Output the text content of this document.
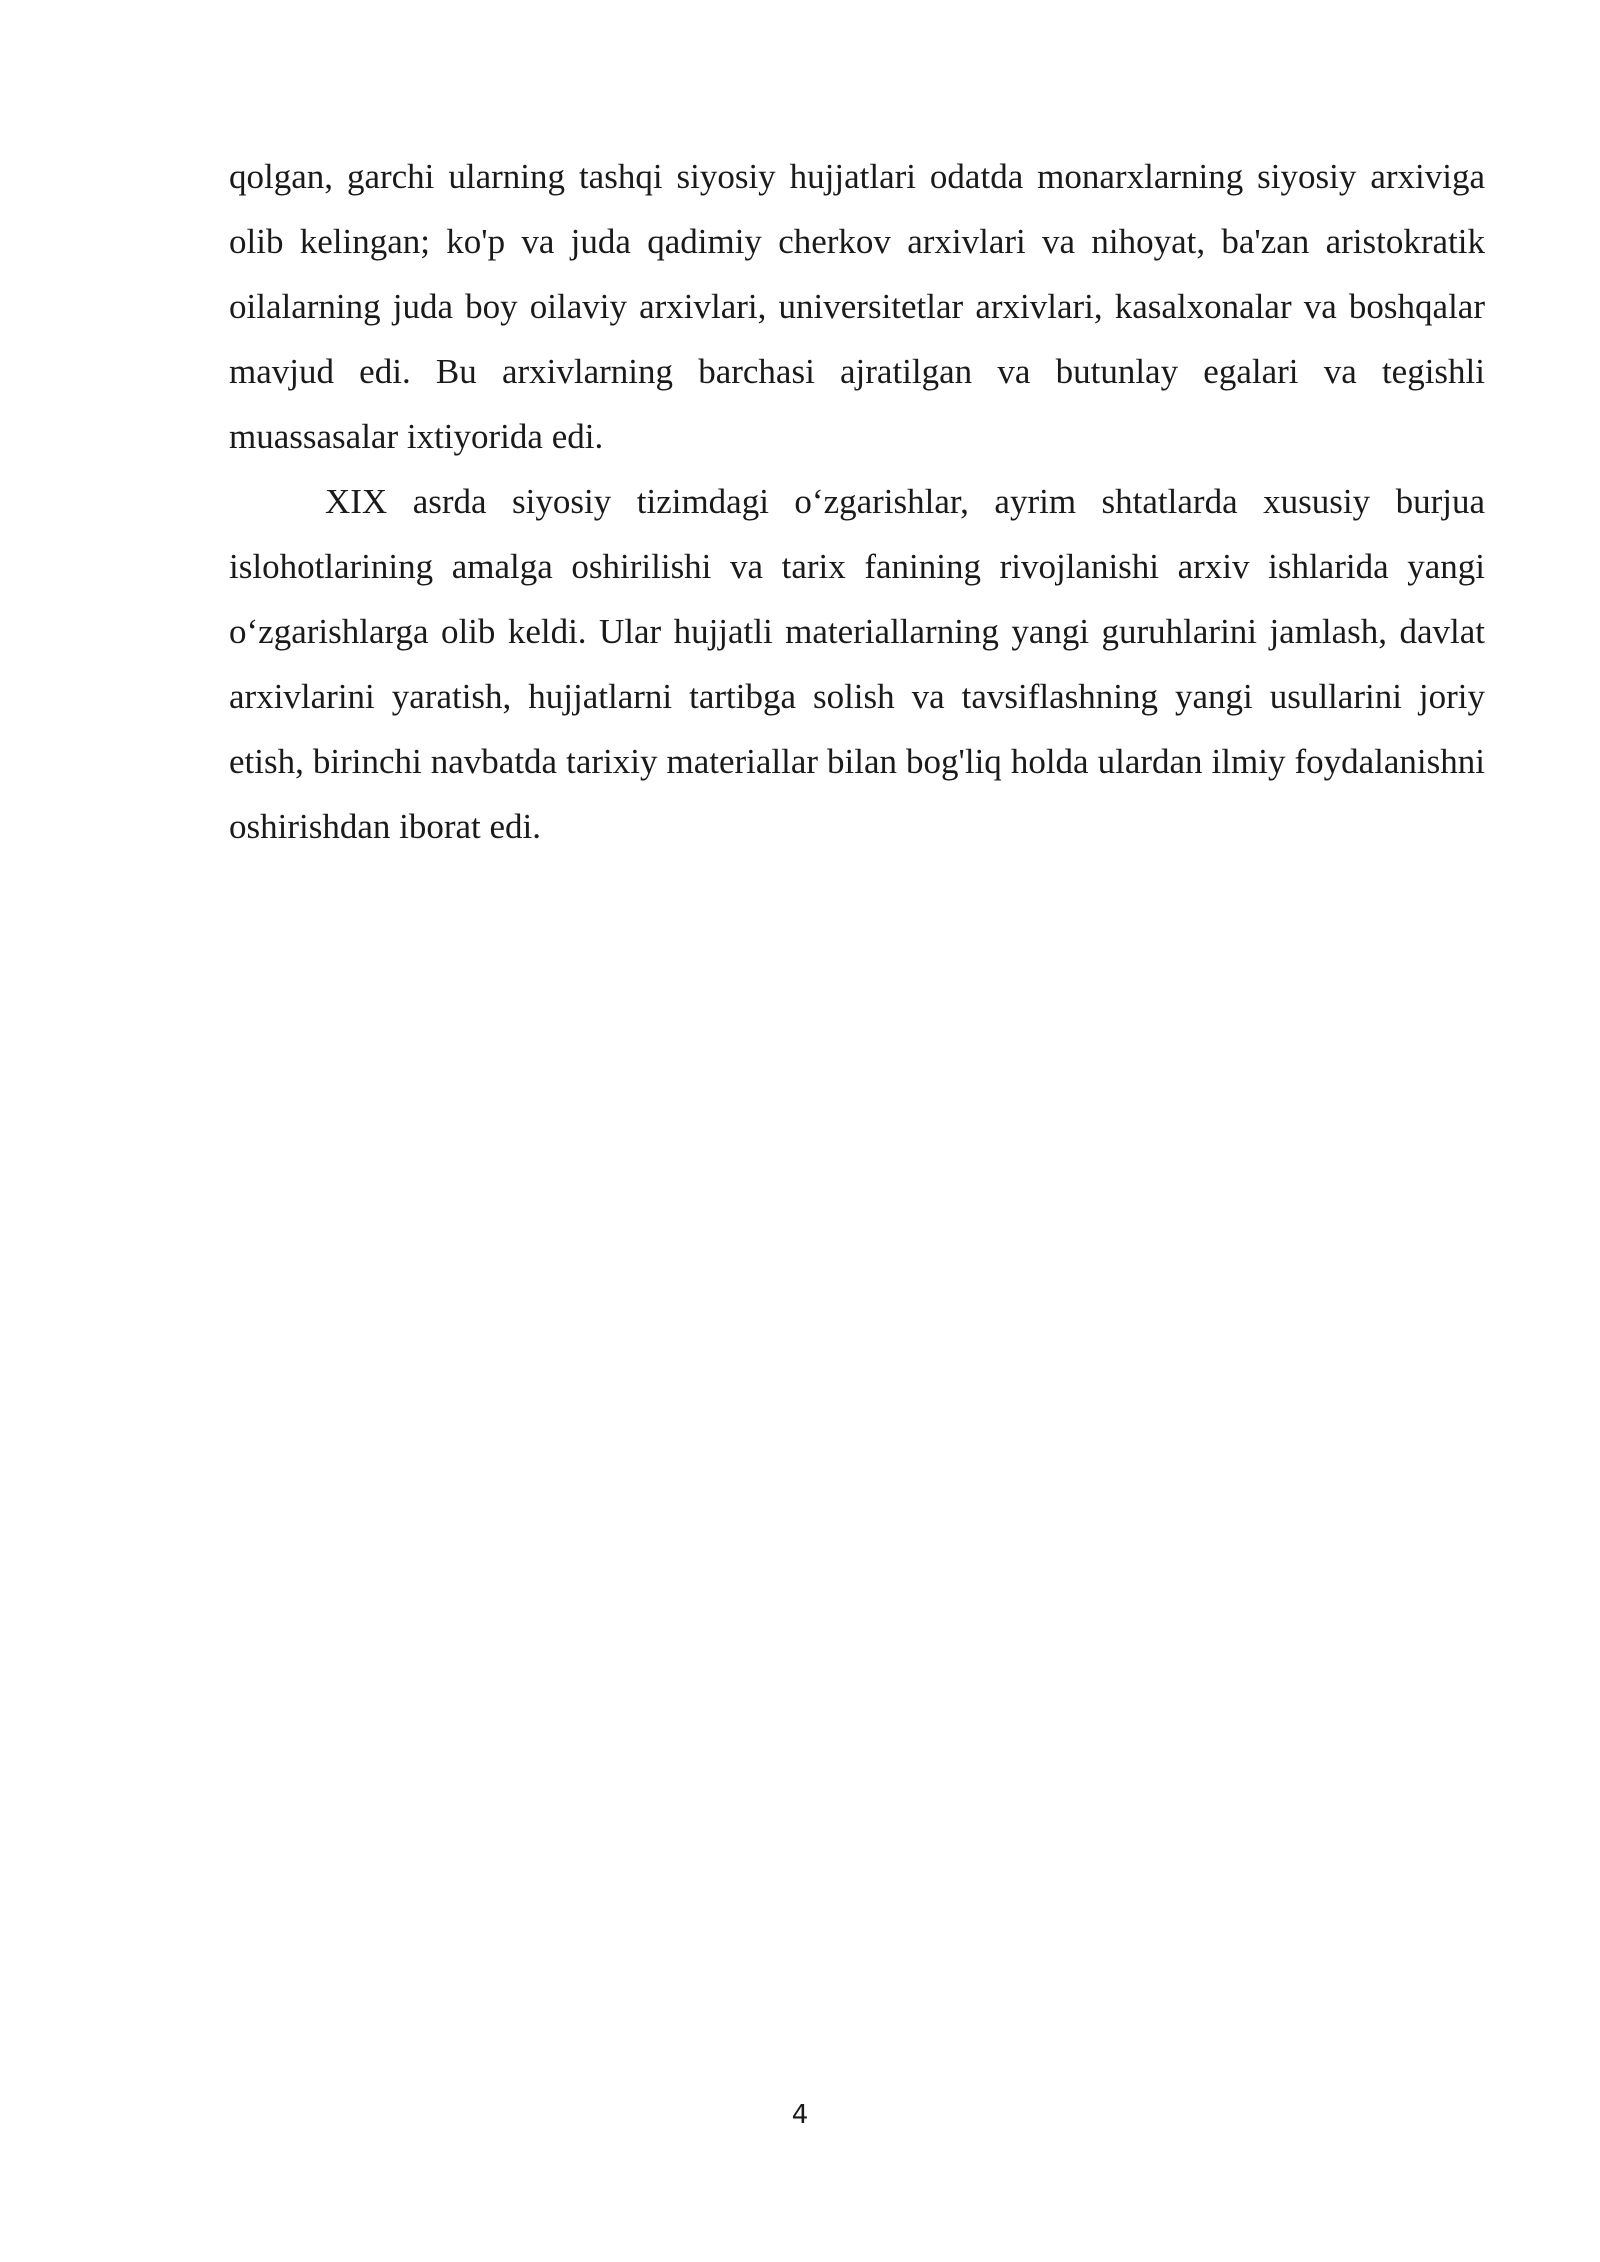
qolgan, garchi ularning tashqi siyosiy hujjatlari odatda monarxlarning siyosiy arxiviga olib kelingan; ko'p va juda qadimiy cherkov arxivlari va nihoyat, ba'zan aristokratik oilalarning juda boy oilaviy arxivlari, universitetlar arxivlari, kasalxonalar va boshqalar mavjud edi. Bu arxivlarning barchasi ajratilgan va butunlay egalari va tegishli muassasalar ixtiyorida edi.

XIX asrda siyosiy tizimdagi o‘zgarishlar, ayrim shtatlarda xususiy burjua islohotlarining amalga oshirilishi va tarix fanining rivojlanishi arxiv ishlarida yangi o‘zgarishlarga olib keldi. Ular hujjatli materiallarning yangi guruhlarini jamlash, davlat arxivlarini yaratish, hujjatlarni tartibga solish va tavsiflashning yangi usullarini joriy etish, birinchi navbatda tarixiy materiallar bilan bog'liq holda ulardan ilmiy foydalanishni oshirishdan iborat edi.

4
